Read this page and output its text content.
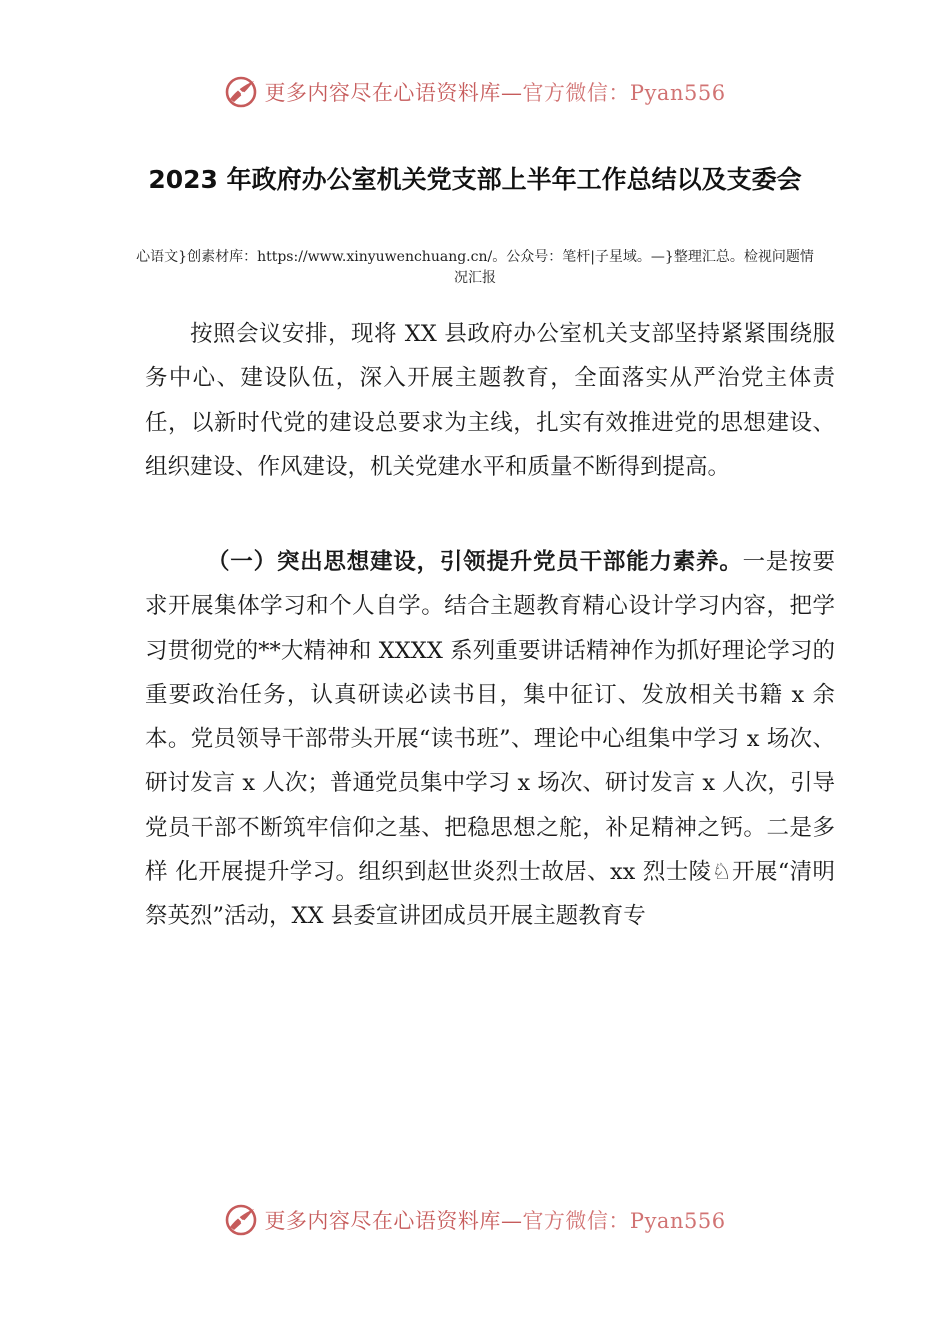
更多内容尽在心语资料库—官方微信：Pyan556
2023 年政府办公室机关党支部上半年工作总结以及支委会

心语文}创素材库：https://www.xinyuwenchuang.cn/。公众号：笔杆|子星域。—}整理汇总。检视问题情况汇报

按照会议安排，现将 XX 县政府办公室机关支部坚持紧紧围绕服务中心、建设队伍，深入开展主题教育，全面落实从严治党主体责任，以新时代党的建设总要求为主线，扎实有效推进党的思想建设、组织建设、作风建设，机关党建水平和质量不断得到提高。

（一）突出思想建设，引领提升党员干部能力素养。一是按要求开展集体学习和个人自学。结合主题教育精心设计学习内容，把学习贯彻党的**大精神和 XXXX 系列重要讲话精神作为抓好理论学习的重要政治任务，认真研读必读书目，集中征订、发放相关书籍 x 余本。党员领导干部带头开展“读书班”、理论中心组集中学习 x 场次、研讨发言 x 人次；普通党员集中学习 x 场次、研讨发言 x 人次，引导党员干部不断筑牢信仰之基、把稳思想之舵，补足精神之钙。二是多样 化开展提升学习。组织到赵世炎烈士故居、xx 烈士陵♘开展“清明祭英烈”活动，XX 县委宣讲团成员开展主题教育专

更多内容尽在心语资料库—官方微信：Pyan556
